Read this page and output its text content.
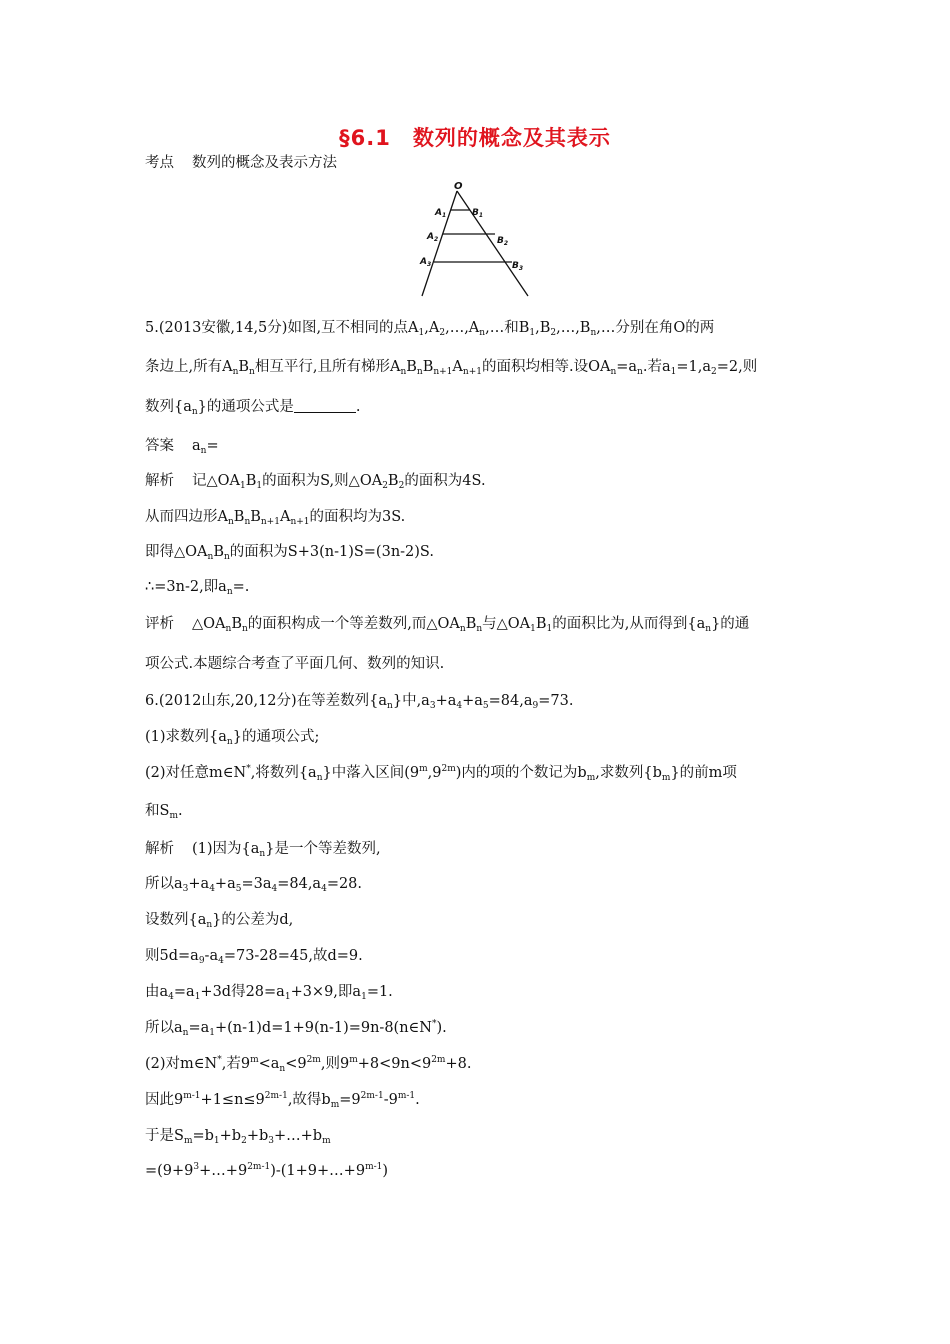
§6.1　数列的概念及其表示
考点 数列的概念及表示方法
O
$A_1$	$B_1$
$A_2$	$B_2$
$A_3$	$B_3$
5.(2013安徽,14,5分)如图,互不相同的点$A_1,A_2,\dots,A_n,\dots$和$B_1,B_2,\dots,B_n,\dots$分别在角O的两
条边上,所有$A_nB_n$相互平行,且所有梯形$A_nB_nB_{n+1}A_{n+1}$的面积均相等.设$OA_n=a_n$.若$a_1=1,a_2=2$,则
数列$\{a_n\}$的通项公式是	.
答案 $a_n=$
解析 记$\triangle OA_1B_1$的面积为S,则$\triangle OA_2B_2$的面积为4S.
从而四边形$A_nB_nB_{n+1}A_{n+1}$的面积均为3S.
即得$\triangle OA_nB_n$的面积为S+3(n-1)S=(3n-2)S.
∴=3n-2,即$a_n=$.
评析 $\triangle OA_nB_n$的面积构成一个等差数列,而$\triangle OA_nB_n$与$\triangle OA_1B_1$的面积比为,从而得到$\{a_n\}$的通
项公式.本题综合考查了平面几何、数列的知识.
6.(2012山东,20,12分)在等差数列$\{a_n\}$中$,a_3+a_4+a_5=84,a_9=73$.
(1)求数列$\{a_n\}$的通项公式;
(2)对任意m∈N*,将数列$\{a_n\}$中落入区间$(9^m,9^{2m})$内的项的个数记为$b_m$,求数列$\{b_m\}$的前m项
和$S_m$.
解析 (1)因为$\{a_n\}$是一个等差数列,
所以$a_3+a_4+a_5=3a_4=84,a_4=28$.
设数列$\{a_n\}$的公差为d,
则$5d=a_9-a_4=73-28=45$,故d=9.
由$a_4=a_1+3d$得$28=a_1+3\times 9$,即$a_1=1$.
所以$a_n=a_1+(n-1)d=1+9(n-1)=9n-8(n\in N^*)$.
(2)对m∈N*,若$9^m<a_n<9^{2m}$,则$9^m+8<9n<9^{2m}+8$.
因此$9^{m-1}+1\le n\le 9^{2m-1}$,故得$b_m=9^{2m-1}-9^{m-1}$.
于是$S_m=b_1+b_2+b_3+\dots+b_m$
$=(9+9^3+\dots+9^{2m-1})-(1+9+\dots+9^{m-1})$
